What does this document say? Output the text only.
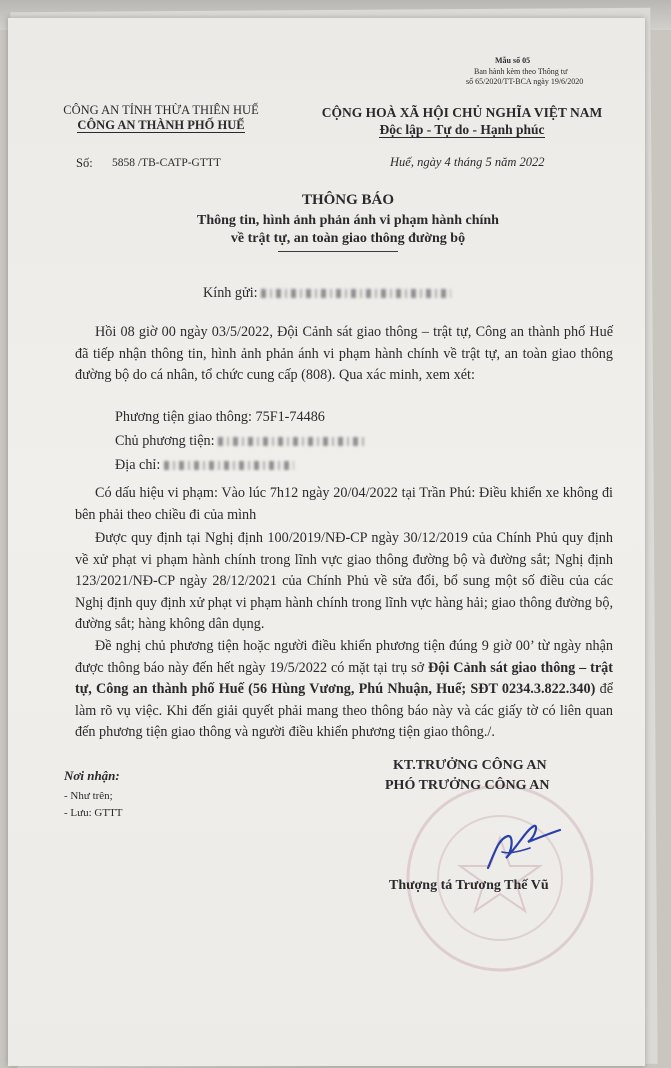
Mẫu số 05
Ban hành kèm theo Thông tư
số 65/2020/TT-BCA ngày 19/6/2020
CÔNG AN TỈNH THỪA THIÊN HUẾ
CÔNG AN THÀNH PHỐ HUẾ
CỘNG HOÀ XÃ HỘI CHỦ NGHĨA VIỆT NAM
Độc lập - Tự do - Hạnh phúc
Số: 5858 /TB-CATP-GTTT	Huế, ngày 4 tháng 5 năm 2022
THÔNG BÁO
Thông tin, hình ảnh phản ánh vi phạm hành chính
về trật tự, an toàn giao thông đường bộ
Kính gửi:
Hồi 08 giờ 00 ngày 03/5/2022, Đội Cảnh sát giao thông – trật tự, Công an thành phố Huế đã tiếp nhận thông tin, hình ảnh phản ánh vi phạm hành chính về trật tự, an toàn giao thông đường bộ do cá nhân, tổ chức cung cấp (808). Qua xác minh, xem xét:
Phương tiện giao thông: 75F1-74486
Chủ phương tiện:
Địa chỉ:
Có dấu hiệu vi phạm: Vào lúc 7h12 ngày 20/04/2022 tại Trần Phú: Điều khiển xe không đi bên phải theo chiều đi của mình
Được quy định tại Nghị định 100/2019/NĐ-CP ngày 30/12/2019 của Chính Phủ quy định về xử phạt vi phạm hành chính trong lĩnh vực giao thông đường bộ và đường sắt; Nghị định 123/2021/NĐ-CP ngày 28/12/2021 của Chính Phủ về sửa đổi, bổ sung một số điều của các Nghị định quy định xử phạt vi phạm hành chính trong lĩnh vực hàng hải; giao thông đường bộ, đường sắt; hàng không dân dụng.
Đề nghị chủ phương tiện hoặc người điều khiển phương tiện đúng 9 giờ 00’ từ ngày nhận được thông báo này đến hết ngày 19/5/2022 có mặt tại trụ sở Đội Cảnh sát giao thông – trật tự, Công an thành phố Huế (56 Hùng Vương, Phú Nhuận, Huế; SĐT 0234.3.822.340) để làm rõ vụ việc. Khi đến giải quyết phải mang theo thông báo này và các giấy tờ có liên quan đến phương tiện giao thông và người điều khiển phương tiện giao thông./.
Nơi nhận:
- Như trên;
- Lưu: GTTT
KT.TRƯỞNG CÔNG AN
PHÓ TRƯỞNG CÔNG AN
Thượng tá Trương Thế Vũ
